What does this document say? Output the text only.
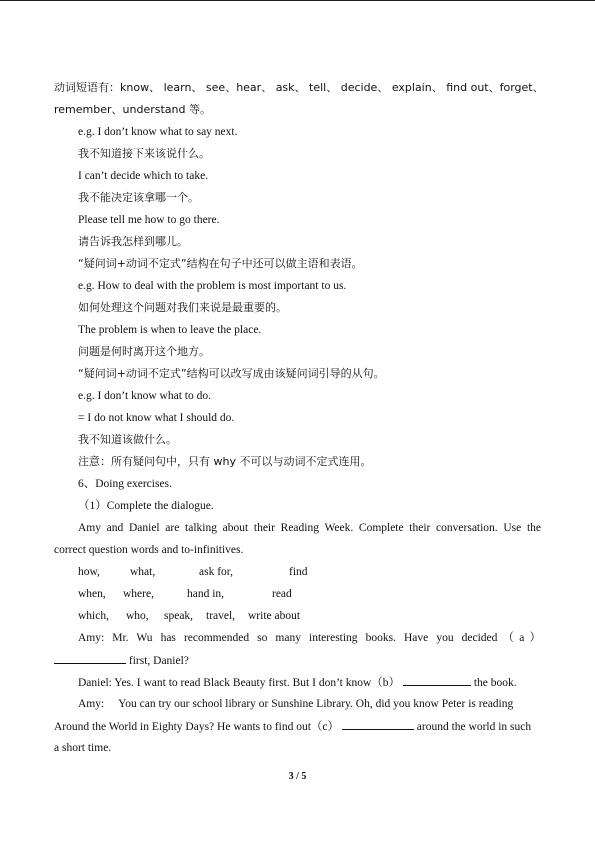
动词短语有：know、 learn、 see、hear、 ask、 tell、 decide、 explain、 find out、forget、
remember、understand 等。
e.g. I don’t know what to say next.
我不知道接下来该说什么。
I can’t decide which to take.
我不能决定该拿哪一个。
Please tell me how to go there.
请告诉我怎样到哪儿。
“疑问词+动词不定式”结构在句子中还可以做主语和表语。
e.g. How to deal with the problem is most important to us.
如何处理这个问题对我们来说是最重要的。
The problem is when to leave the place.
问题是何时离开这个地方。
“疑问词+动词不定式”结构可以改写成由该疑问词引导的从句。
e.g. I don’t know what to do.
= I do not know what I should do.
我不知道该做什么。
注意：所有疑问句中，只有 why 不可以与动词不定式连用。
6、Doing exercises.
（1）Complete the dialogue.
Amy and Daniel are talking about their Reading Week. Complete their conversation. Use the
correct question words and to-infinitives.
how,	what,	ask for,	find
when, where,	hand in,	read
which, who, speak, travel, write about
Amy: Mr. Wu has recommended so many interesting books. Have you decided（a）
first, Daniel?
Daniel: Yes. I want to read Black Beauty first. But I don’t know（b）	the book.
Amy:     You can try our school library or Sunshine Library. Oh, did you know Peter is reading
Around the World in Eighty Days? He wants to find out（c）	around the world in such
a short time.
3 / 5
